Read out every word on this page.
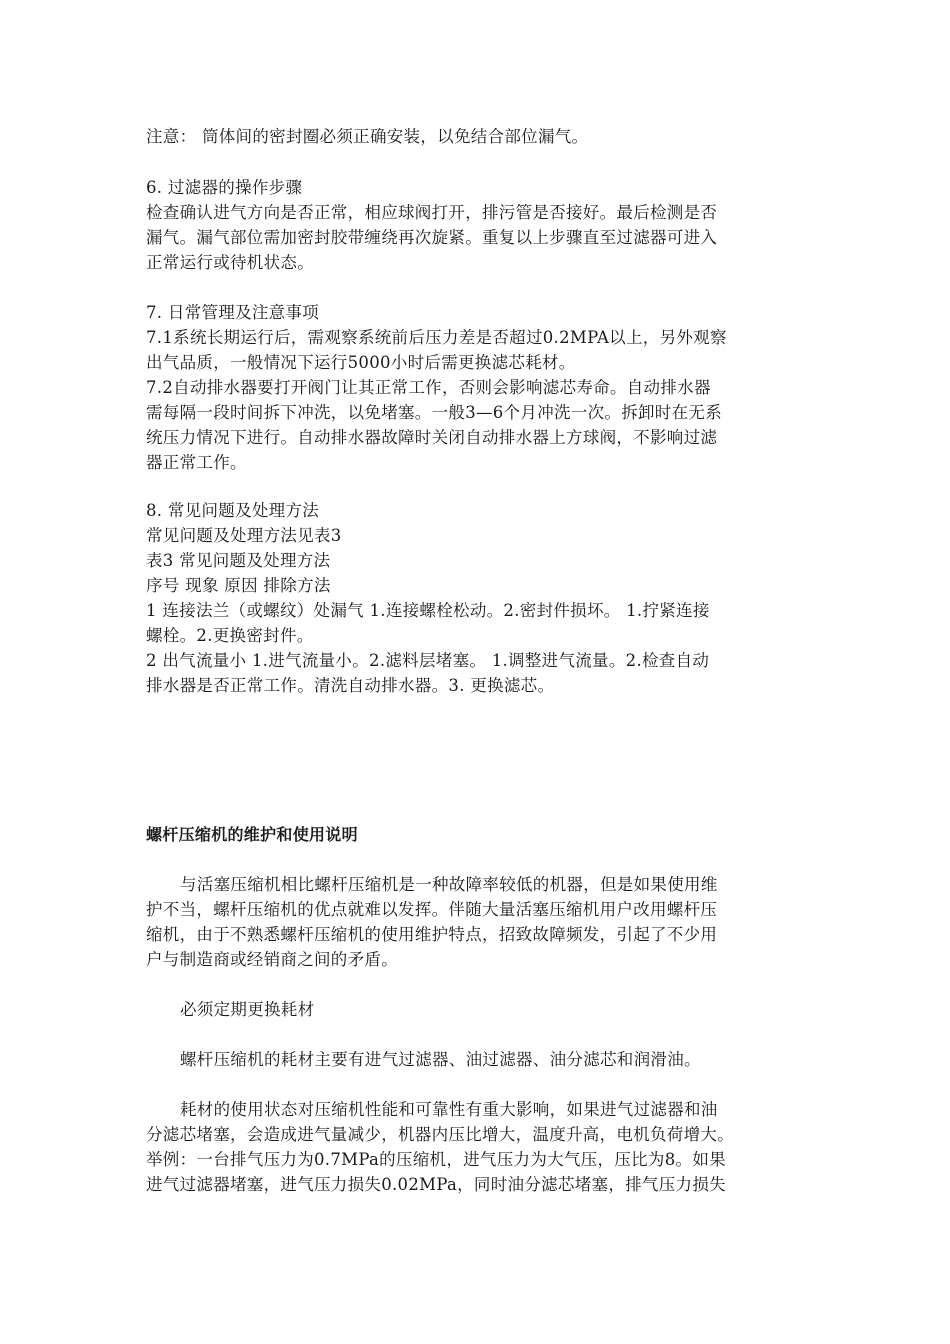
注意： 筒体间的密封圈必须正确安装，以免结合部位漏气。
6. 过滤器的操作步骤
检查确认进气方向是否正常，相应球阀打开，排污管是否接好。最后检测是否
漏气。漏气部位需加密封胶带缠绕再次旋紧。重复以上步骤直至过滤器可进入
正常运行或待机状态。
7. 日常管理及注意事项
7.1系统长期运行后，需观察系统前后压力差是否超过0.2MPA以上，另外观察
出气品质，一般情况下运行5000小时后需更换滤芯耗材。
7.2自动排水器要打开阀门让其正常工作，否则会影响滤芯寿命。自动排水器
需每隔一段时间拆下冲洗，以免堵塞。一般3—6个月冲洗一次。拆卸时在无系
统压力情况下进行。自动排水器故障时关闭自动排水器上方球阀，不影响过滤
器正常工作。
8. 常见问题及处理方法
常见问题及处理方法见表3
表3 常见问题及处理方法
序号 现象 原因 排除方法
1 连接法兰（或螺纹）处漏气 1.连接螺栓松动。2.密封件损坏。 1.拧紧连接
螺栓。2.更换密封件。
2 出气流量小 1.进气流量小。2.滤料层堵塞。 1.调整进气流量。2.检查自动
排水器是否正常工作。清洗自动排水器。3. 更换滤芯。
螺杆压缩机的维护和使用说明
与活塞压缩机相比螺杆压缩机是一种故障率较低的机器，但是如果使用维
护不当，螺杆压缩机的优点就难以发挥。伴随大量活塞压缩机用户改用螺杆压
缩机，由于不熟悉螺杆压缩机的使用维护特点，招致故障频发，引起了不少用
户与制造商或经销商之间的矛盾。
必须定期更换耗材
螺杆压缩机的耗材主要有进气过滤器、油过滤器、油分滤芯和润滑油。
耗材的使用状态对压缩机性能和可靠性有重大影响，如果进气过滤器和油
分滤芯堵塞，会造成进气量减少，机器内压比增大，温度升高，电机负荷增大。
举例：一台排气压力为0.7MPa的压缩机，进气压力为大气压，压比为8。如果
进气过滤器堵塞，进气压力损失0.02MPa，同时油分滤芯堵塞，排气压力损失
